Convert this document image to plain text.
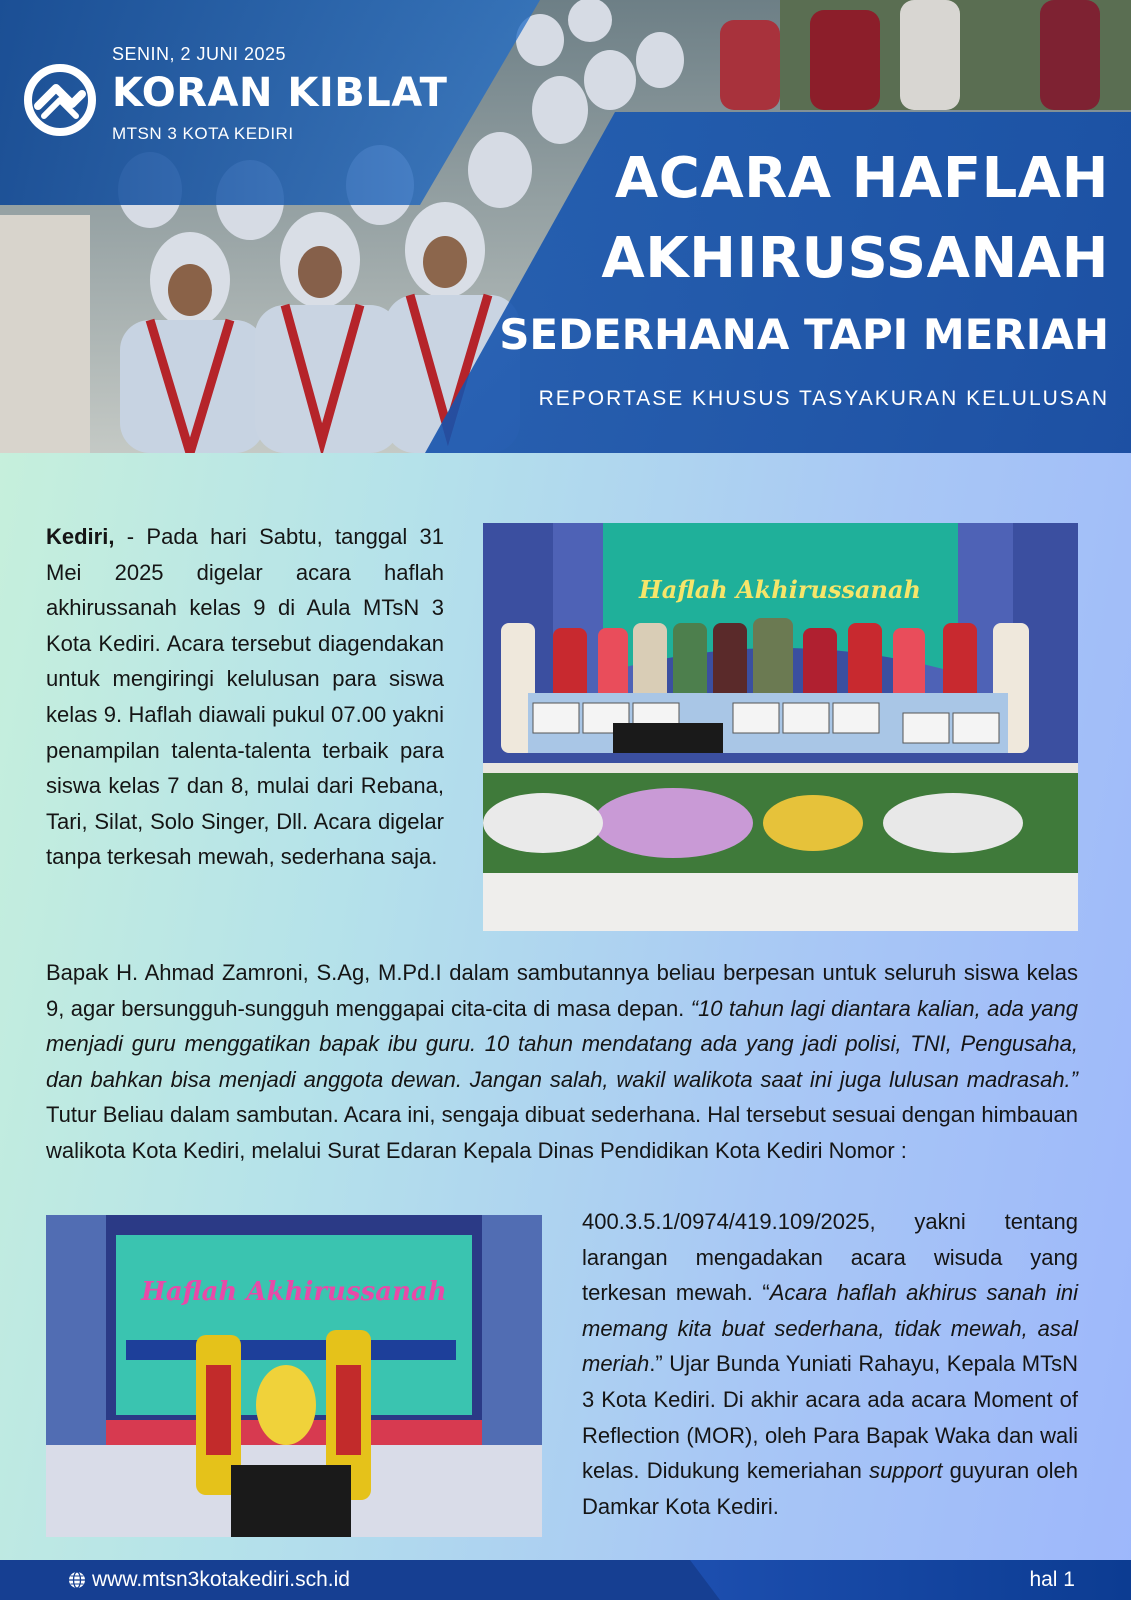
SENIN, 2 JUNI 2025
KORAN KIBLAT
MTSN 3 KOTA KEDIRI
ACARA HAFLAH
AKHIRUSSANAH
SEDERHANA TAPI MERIAH
REPORTASE KHUSUS TASYAKURAN KELULUSAN
Kediri, - Pada hari Sabtu, tanggal 31 Mei 2025 digelar acara haflah akhirussanah kelas 9 di Aula MTsN 3 Kota Kediri. Acara tersebut diagendakan untuk mengiringi kelulusan para siswa kelas 9. Haflah diawali pukul 07.00 yakni penampilan talenta-talenta terbaik para siswa kelas 7 dan 8, mulai dari Rebana, Tari, Silat, Solo Singer, Dll. Acara digelar tanpa terkesah mewah, sederhana saja.
Haflah Akhirussanah
Bapak H. Ahmad Zamroni, S.Ag, M.Pd.I dalam sambutannya beliau berpesan untuk seluruh siswa kelas 9, agar bersungguh-sungguh menggapai cita-cita di masa depan. “10 tahun lagi diantara kalian, ada yang menjadi guru menggatikan bapak ibu guru. 10 tahun mendatang ada yang jadi polisi, TNI, Pengusaha, dan bahkan bisa menjadi anggota dewan. Jangan salah, wakil walikota saat ini juga lulusan madrasah.” Tutur Beliau dalam sambutan. Acara ini, sengaja dibuat sederhana. Hal tersebut sesuai dengan himbauan walikota Kota Kediri, melalui Surat Edaran Kepala Dinas Pendidikan Kota Kediri Nomor :
Haflah Akhirussanah
400.3.5.1/0974/419.109/2025, yakni tentang larangan mengadakan acara wisuda yang terkesan mewah. “Acara haflah akhirus sanah ini memang kita buat sederhana, tidak mewah, asal meriah.” Ujar Bunda Yuniati Rahayu, Kepala MTsN 3 Kota Kediri. Di akhir acara ada acara Moment of Reflection (MOR), oleh Para Bapak Waka dan wali kelas. Didukung kemeriahan support guyuran oleh Damkar Kota Kediri.
www.mtsn3kotakediri.sch.id	hal 1
